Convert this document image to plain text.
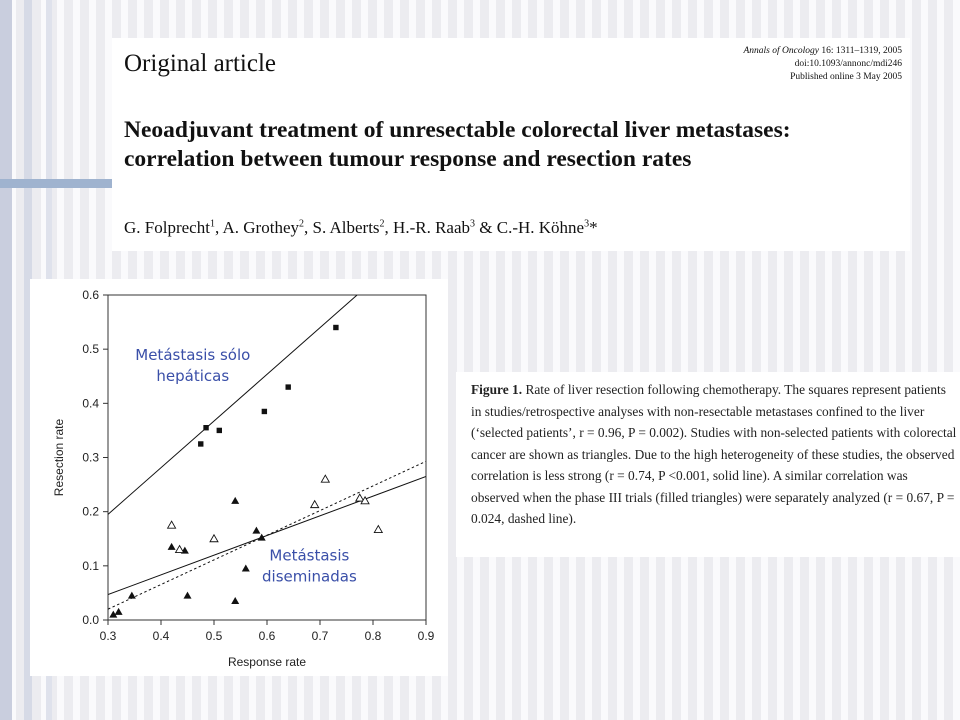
Original article	Annals of Oncology 16: 1311–1319, 2005
doi:10.1093/annonc/mdi246
Published online 3 May 2005
Neoadjuvant treatment of unresectable colorectal liver metastases: correlation between tumour response and resection rates
G. Folprecht$^1$, A. Grothey$^2$, S. Alberts$^2$, H.-R. Raab$^3$ & C.-H. Köhne$^3$*
0.3	0.4	0.5	0.6	0.7	0.8	0.9
0.0
0.1
0.2
0.3
0.4
0.5
0.6
Response rate
Resection rate
Metástasis sólo
hepáticas
Metástasis
diseminadas
Figure 1. Rate of liver resection following chemotherapy. The squares represent patients in studies/retrospective analyses with non-resectable metastases confined to the liver (‘selected patients’, r = 0.96, P = 0.002). Studies with non-selected patients with colorectal cancer are shown as triangles. Due to the high heterogeneity of these studies, the observed correlation is less strong (r = 0.74, P <0.001, solid line). A similar correlation was observed when the phase III trials (filled triangles) were separately analyzed (r = 0.67, P = 0.024, dashed line).
